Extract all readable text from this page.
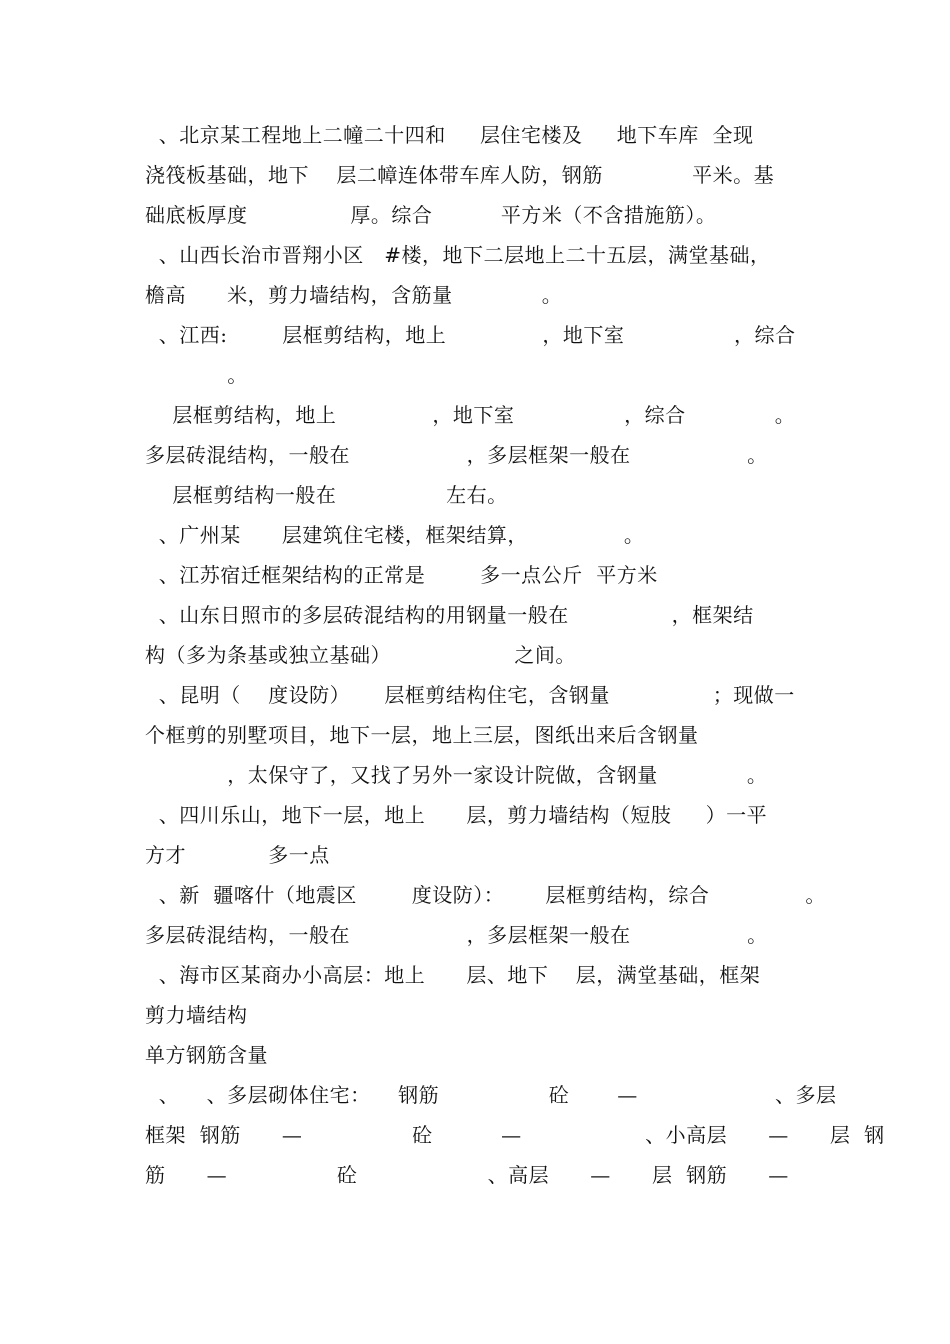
、北京某工程地上二幢二十四和     层住宅楼及     地下车库  全现
浇筏板基础，地下    层二幛连体带车库人防，钢筋             平米。基
础底板厚度               厚。综合          平方米（不含措施筋）。
、山西长治市晋翔小区   #楼，地下二层地上二十五层，满堂基础，
檐高      米，剪力墙结构，含筋量             。
、江西:        层框剪结构，地上              ，地下室                ，综合
。
层框剪结构，地上              ，地下室                ，综合             。
多层砖混结构，一般在                 ，多层框架一般在                 。
层框剪结构一般在                左右。
、广州某      层建筑住宅楼，框架结算，              。
、江苏宿迁框架结构的正常是        多一点公斤  平方米
、山东日照市的多层砖混结构的用钢量一般在               ，框架结
构（多为条基或独立基础）                  之间。
、昆明（    度设防）     层框剪结构住宅，含钢量               ；现做一
个框剪的别墅项目，地下一层，地上三层，图纸出来后含钢量
，太保守了，又找了另外一家设计院做，含钢量             。
、四川乐山，地下一层，地上      层，剪力墙结构（短肢     ）一平
方才            多一点
、新  疆喀什（地震区        度设防）：      层框剪结构，综合              。
多层砖混结构，一般在                 ，多层框架一般在                 。
、海市区某商办小高层：地上      层、地下    层，满堂基础，框架
剪力墙结构
单方钢筋含量
、    、多层砌体住宅：    钢筋                砼       —                    、多层
框架  钢筋      —                砼          —                  、小高层      —      层  钢
筋      —                砼                   、高层      —      层  钢筋      —
